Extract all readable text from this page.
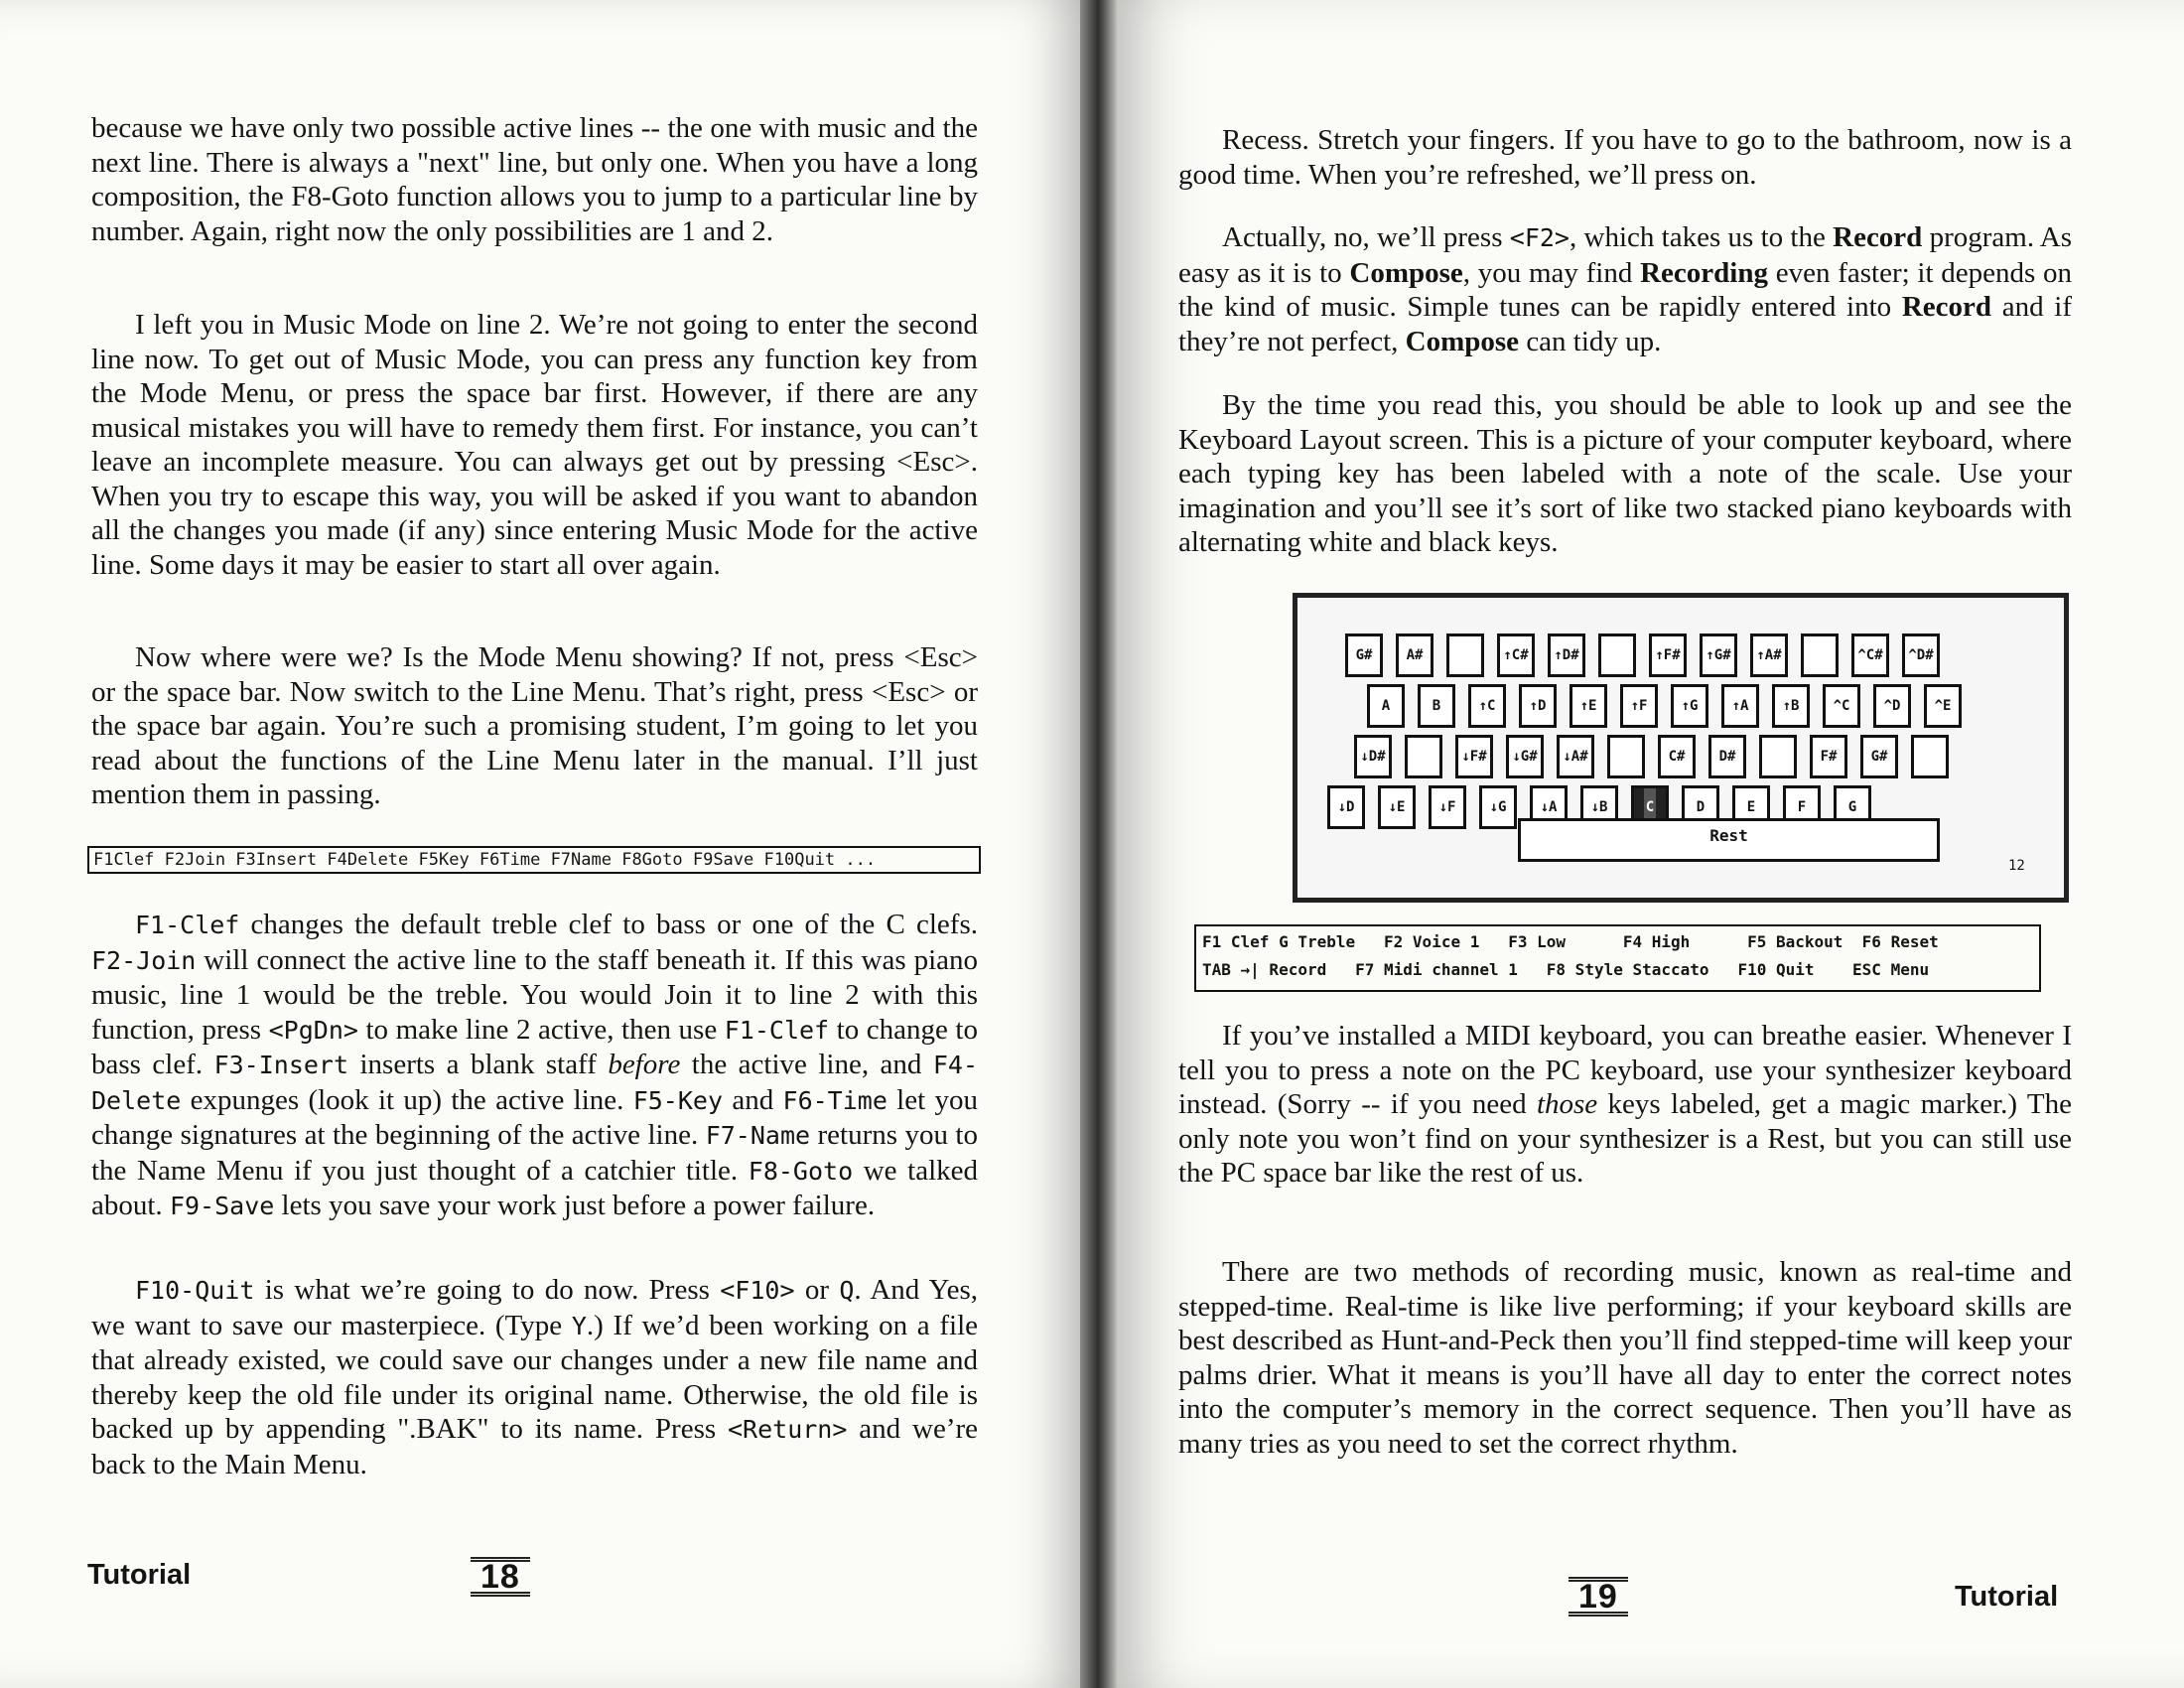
because we have only two possible active lines -- the one with music and the next line. There is always a "next" line, but only one. When you have a long composition, the F8-Goto function allows you to jump to a particular line by number. Again, right now the only possibilities are 1 and 2.

I left you in Music Mode on line 2. We’re not going to enter the second line now. To get out of Music Mode, you can press any function key from the Mode Menu, or press the space bar first. However, if there are any musical mistakes you will have to remedy them first. For instance, you can’t leave an incomplete measure. You can always get out by pressing <Esc>. When you try to escape this way, you will be asked if you want to abandon all the changes you made (if any) since entering Music Mode for the active line. Some days it may be easier to start all over again.

Now where were we? Is the Mode Menu showing? If not, press <Esc> or the space bar. Now switch to the Line Menu. That’s right, press <Esc> or the space bar again. You’re such a promising student, I’m going to let you read about the functions of the Line Menu later in the manual. I’ll just mention them in passing.

F1Clef F2Join F3Insert F4Delete F5Key F6Time F7Name F8Goto F9Save F10Quit ...

F1-Clef changes the default treble clef to bass or one of the C clefs. F2-Join will connect the active line to the staff beneath it. If this was piano music, line 1 would be the treble. You would Join it to line 2 with this function, press <PgDn> to make line 2 active, then use F1-Clef to change to bass clef. F3-Insert inserts a blank staff before the active line, and F4-Delete expunges (look it up) the active line. F5-Key and F6-Time let you change signatures at the beginning of the active line. F7-Name returns you to the Name Menu if you just thought of a catchier title. F8-Goto we talked about. F9-Save lets you save your work just before a power failure.

F10-Quit is what we’re going to do now. Press <F10> or Q. And Yes, we want to save our masterpiece. (Type Y.) If we’d been working on a file that already existed, we could save our changes under a new file name and thereby keep the old file under its original name. Otherwise, the old file is backed up by appending ".BAK" to its name. Press <Return> and we’re back to the Main Menu.

Tutorial	18

Recess. Stretch your fingers. If you have to go to the bathroom, now is a good time. When you’re refreshed, we’ll press on.

Actually, no, we’ll press <F2>, which takes us to the Record program. As easy as it is to Compose, you may find Recording even faster; it depends on the kind of music. Simple tunes can be rapidly entered into Record and if they’re not perfect, Compose can tidy up.

By the time you read this, you should be able to look up and see the Keyboard Layout screen. This is a picture of your computer keyboard, where each typing key has been labeled with a note of the scale. Use your imagination and you’ll see it’s sort of like two stacked piano keyboards with alternating white and black keys.

G#	A#	↑C#	↑D#	↑F#	↑G#	↑A#	^C#	^D#
A	B	↑C	↑D	↑E	↑F	↑G	↑A	↑B	^C	^D	^E
↓D#	↓F#	↓G#	↓A#	C#	D#	F#	G#
↓D	↓E	↓F	↓G	↓A	↓B	C	D	E	F	G
Rest
12
F1 Clef G Treble   F2 Voice 1   F3 Low      F4 High      F5 Backout  F6 Reset
TAB →| Record   F7 Midi channel 1   F8 Style Staccato   F10 Quit    ESC Menu

If you’ve installed a MIDI keyboard, you can breathe easier. Whenever I tell you to press a note on the PC keyboard, use your synthesizer keyboard instead. (Sorry -- if you need those keys labeled, get a magic marker.) The only note you won’t find on your synthesizer is a Rest, but you can still use the PC space bar like the rest of us.

There are two methods of recording music, known as real-time and stepped-time. Real-time is like live performing; if your keyboard skills are best described as Hunt-and-Peck then you’ll find stepped-time will keep your palms drier. What it means is you’ll have all day to enter the correct notes into the computer’s memory in the correct sequence. Then you’ll have as many tries as you need to set the correct rhythm.

19	Tutorial
